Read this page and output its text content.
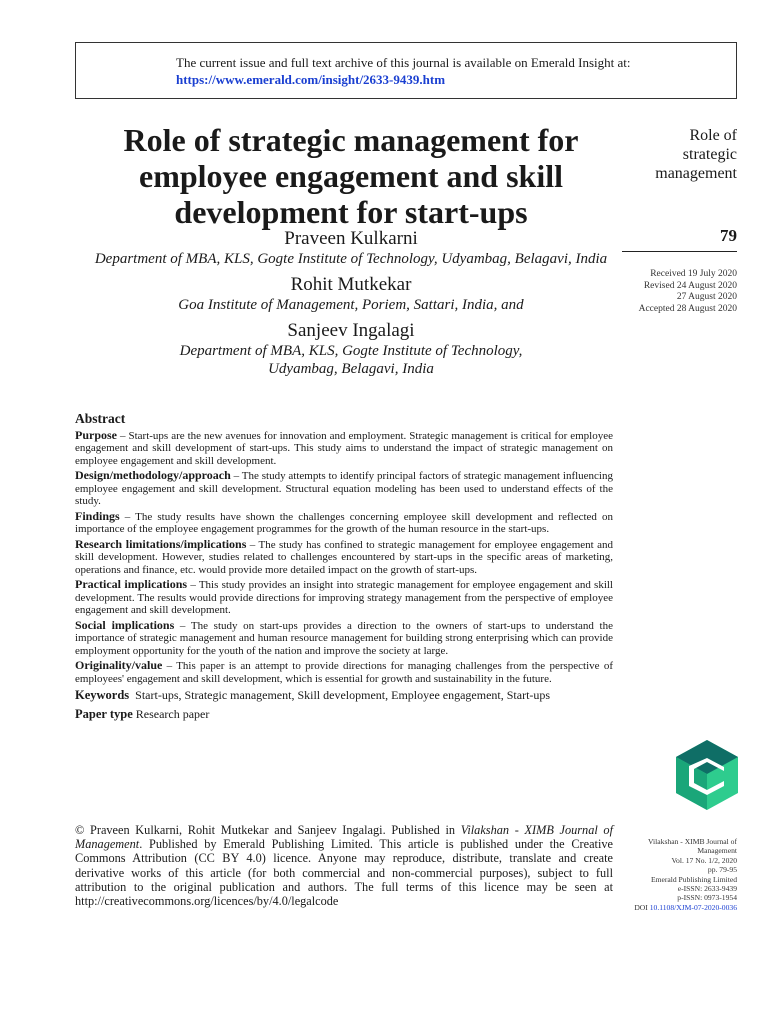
The current issue and full text archive of this journal is available on Emerald Insight at:
https://www.emerald.com/insight/2633-9439.htm
Role of strategic management for
employee engagement and skill
development for start-ups
Praveen Kulkarni
Department of MBA, KLS, Gogte Institute of Technology, Udyambag, Belagavi, India
Rohit Mutkekar
Goa Institute of Management, Poriem, Sattari, India, and
Sanjeev Ingalagi
Department of MBA, KLS, Gogte Institute of Technology,
Udyambag, Belagavi, India
Role of
strategic
management
79
Received 19 July 2020
Revised 24 August 2020
27 August 2020
Accepted 28 August 2020
Abstract

Purpose – Start-ups are the new avenues for innovation and employment. Strategic management is critical for employee engagement and skill development of start-ups. This study aims to understand the impact of strategic management on employee engagement and skill development.

Design/methodology/approach – The study attempts to identify principal factors of strategic management influencing employee engagement and skill development. Structural equation modeling has been used to understand effects of the study.

Findings – The study results have shown the challenges concerning employee skill development and reflected on importance of the employee engagement programmes for the growth of the human resource in the start-ups.

Research limitations/implications – The study has confined to strategic management for employee engagement and skill development. However, studies related to challenges encountered by start-ups in the specific areas of marketing, operations and finance, etc. would provide more detailed impact on the growth of start-ups.

Practical implications – This study provides an insight into strategic management for employee engagement and skill development. The results would provide directions for improving strategy management from the perspective of employee engagement and skill development.

Social implications – The study on start-ups provides a direction to the owners of start-ups to understand the importance of strategic management and human resource management for building strong enterprising which can provide employment opportunity for the youth of the nation and improve the society at large.

Originality/value – This paper is an attempt to provide directions for managing challenges from the perspective of employees' engagement and skill development, which is essential for growth and sustainability in the future.

Keywords Start-ups, Strategic management, Skill development, Employee engagement, Start-ups
Paper type Research paper
© Praveen Kulkarni, Rohit Mutkekar and Sanjeev Ingalagi. Published in Vilakshan - XIMB Journal of Management. Published by Emerald Publishing Limited. This article is published under the Creative Commons Attribution (CC BY 4.0) licence. Anyone may reproduce, distribute, translate and create derivative works of this article (for both commercial and non-commercial purposes), subject to full attribution to the original publication and authors. The full terms of this licence may be seen at http://creativecommons.org/licences/by/4.0/legalcode
Vilakshan - XIMB Journal of
Management
Vol. 17 No. 1/2, 2020
pp. 79-95
Emerald Publishing Limited
e-ISSN: 2633-9439
p-ISSN: 0973-1954
DOI 10.1108/XJM-07-2020-0036
